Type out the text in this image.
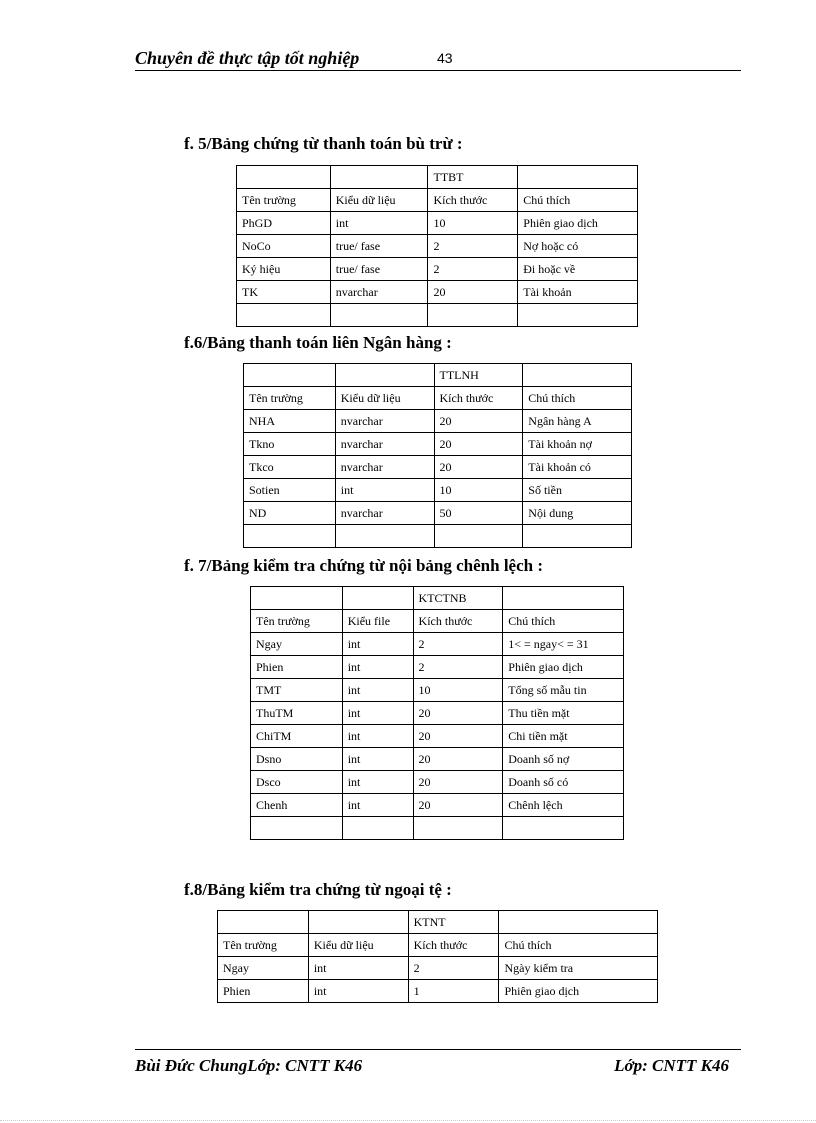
Chuyên đề thực tập tốt nghiệp	43
f. 5/Bảng chứng từ thanh toán bù trừ :
		TTBT	
Tên trường	Kiểu dữ liệu	Kích thước	Chú thích
PhGD	int	10	Phiên giao dịch
NoCo	true/ fase	2	Nợ hoặc có
Ký hiệu	true/ fase	2	Đi hoặc về
TK	nvarchar	20	Tài khoản

f.6/Bảng thanh toán liên Ngân hàng :
		TTLNH	
Tên trường	Kiểu dữ liệu	Kích thước	Chú thích
NHA	nvarchar	20	Ngân hàng A
Tkno	nvarchar	20	Tài khoản nợ
Tkco	nvarchar	20	Tài khoản có
Sotien	int	10	Số tiền
ND	nvarchar	50	Nội dung

f. 7/Bảng kiểm tra chứng từ nội bảng chênh lệch :
		KTCTNB	
Tên trường	Kiểu file	Kích thước	Chú thích
Ngay	int	2	1< = ngay< = 31
Phien	int	2	Phiên giao dịch
TMT	int	10	Tổng số mẫu tin
ThuTM	int	20	Thu tiền mặt
ChiTM	int	20	Chi tiền mặt
Dsno	int	20	Doanh số nợ
Dsco	int	20	Doanh số có
Chenh	int	20	Chênh lệch

f.8/Bảng kiểm tra chứng từ ngoại tệ :
		KTNT	
Tên trường	Kiểu dữ liệu	Kích thước	Chú thích
Ngay	int	2	Ngày kiểm tra
Phien	int	1	Phiên giao dịch
Bùi Đức ChungLớp: CNTT K46	Lớp: CNTT K46
